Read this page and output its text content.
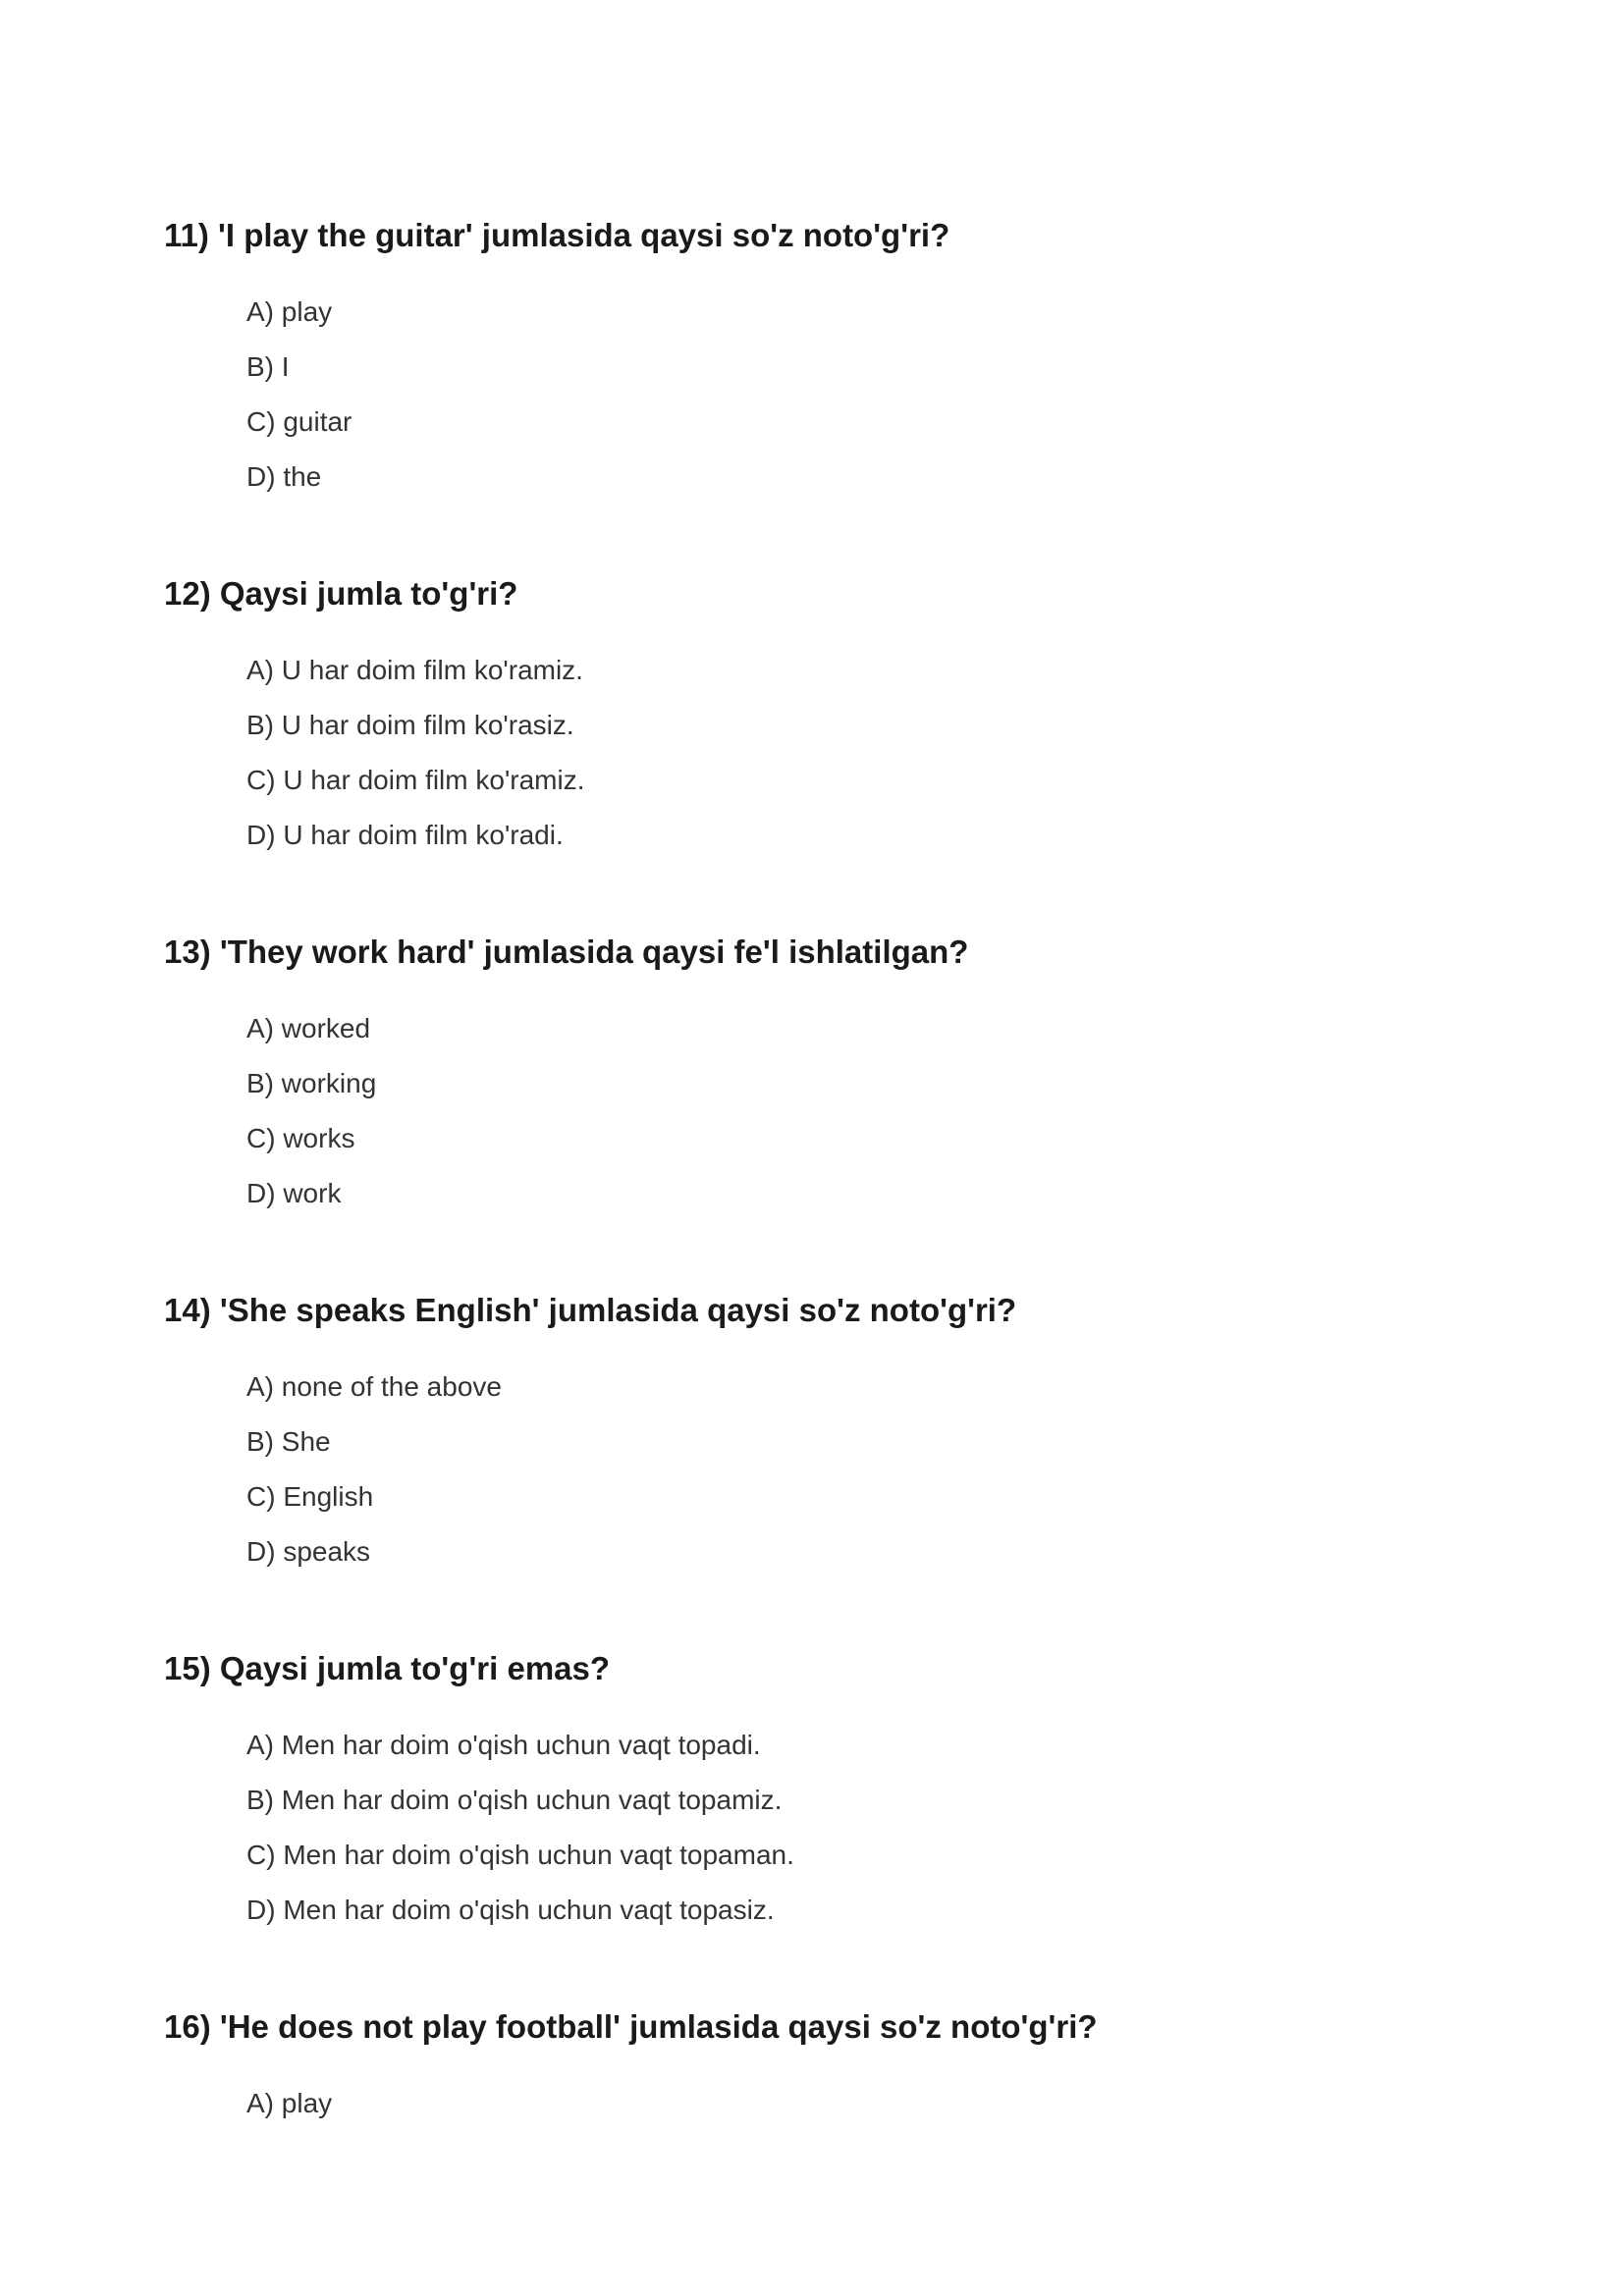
11) 'I play the guitar' jumlasida qaysi so'z noto'g'ri?
A) play
B) I
C) guitar
D) the
12) Qaysi jumla to'g'ri?
A) U har doim film ko'ramiz.
B) U har doim film ko'rasiz.
C) U har doim film ko'ramiz.
D) U har doim film ko'radi.
13) 'They work hard' jumlasida qaysi fe'l ishlatilgan?
A) worked
B) working
C) works
D) work
14) 'She speaks English' jumlasida qaysi so'z noto'g'ri?
A) none of the above
B) She
C) English
D) speaks
15) Qaysi jumla to'g'ri emas?
A) Men har doim o'qish uchun vaqt topadi.
B) Men har doim o'qish uchun vaqt topamiz.
C) Men har doim o'qish uchun vaqt topaman.
D) Men har doim o'qish uchun vaqt topasiz.
16) 'He does not play football' jumlasida qaysi so'z noto'g'ri?
A) play
